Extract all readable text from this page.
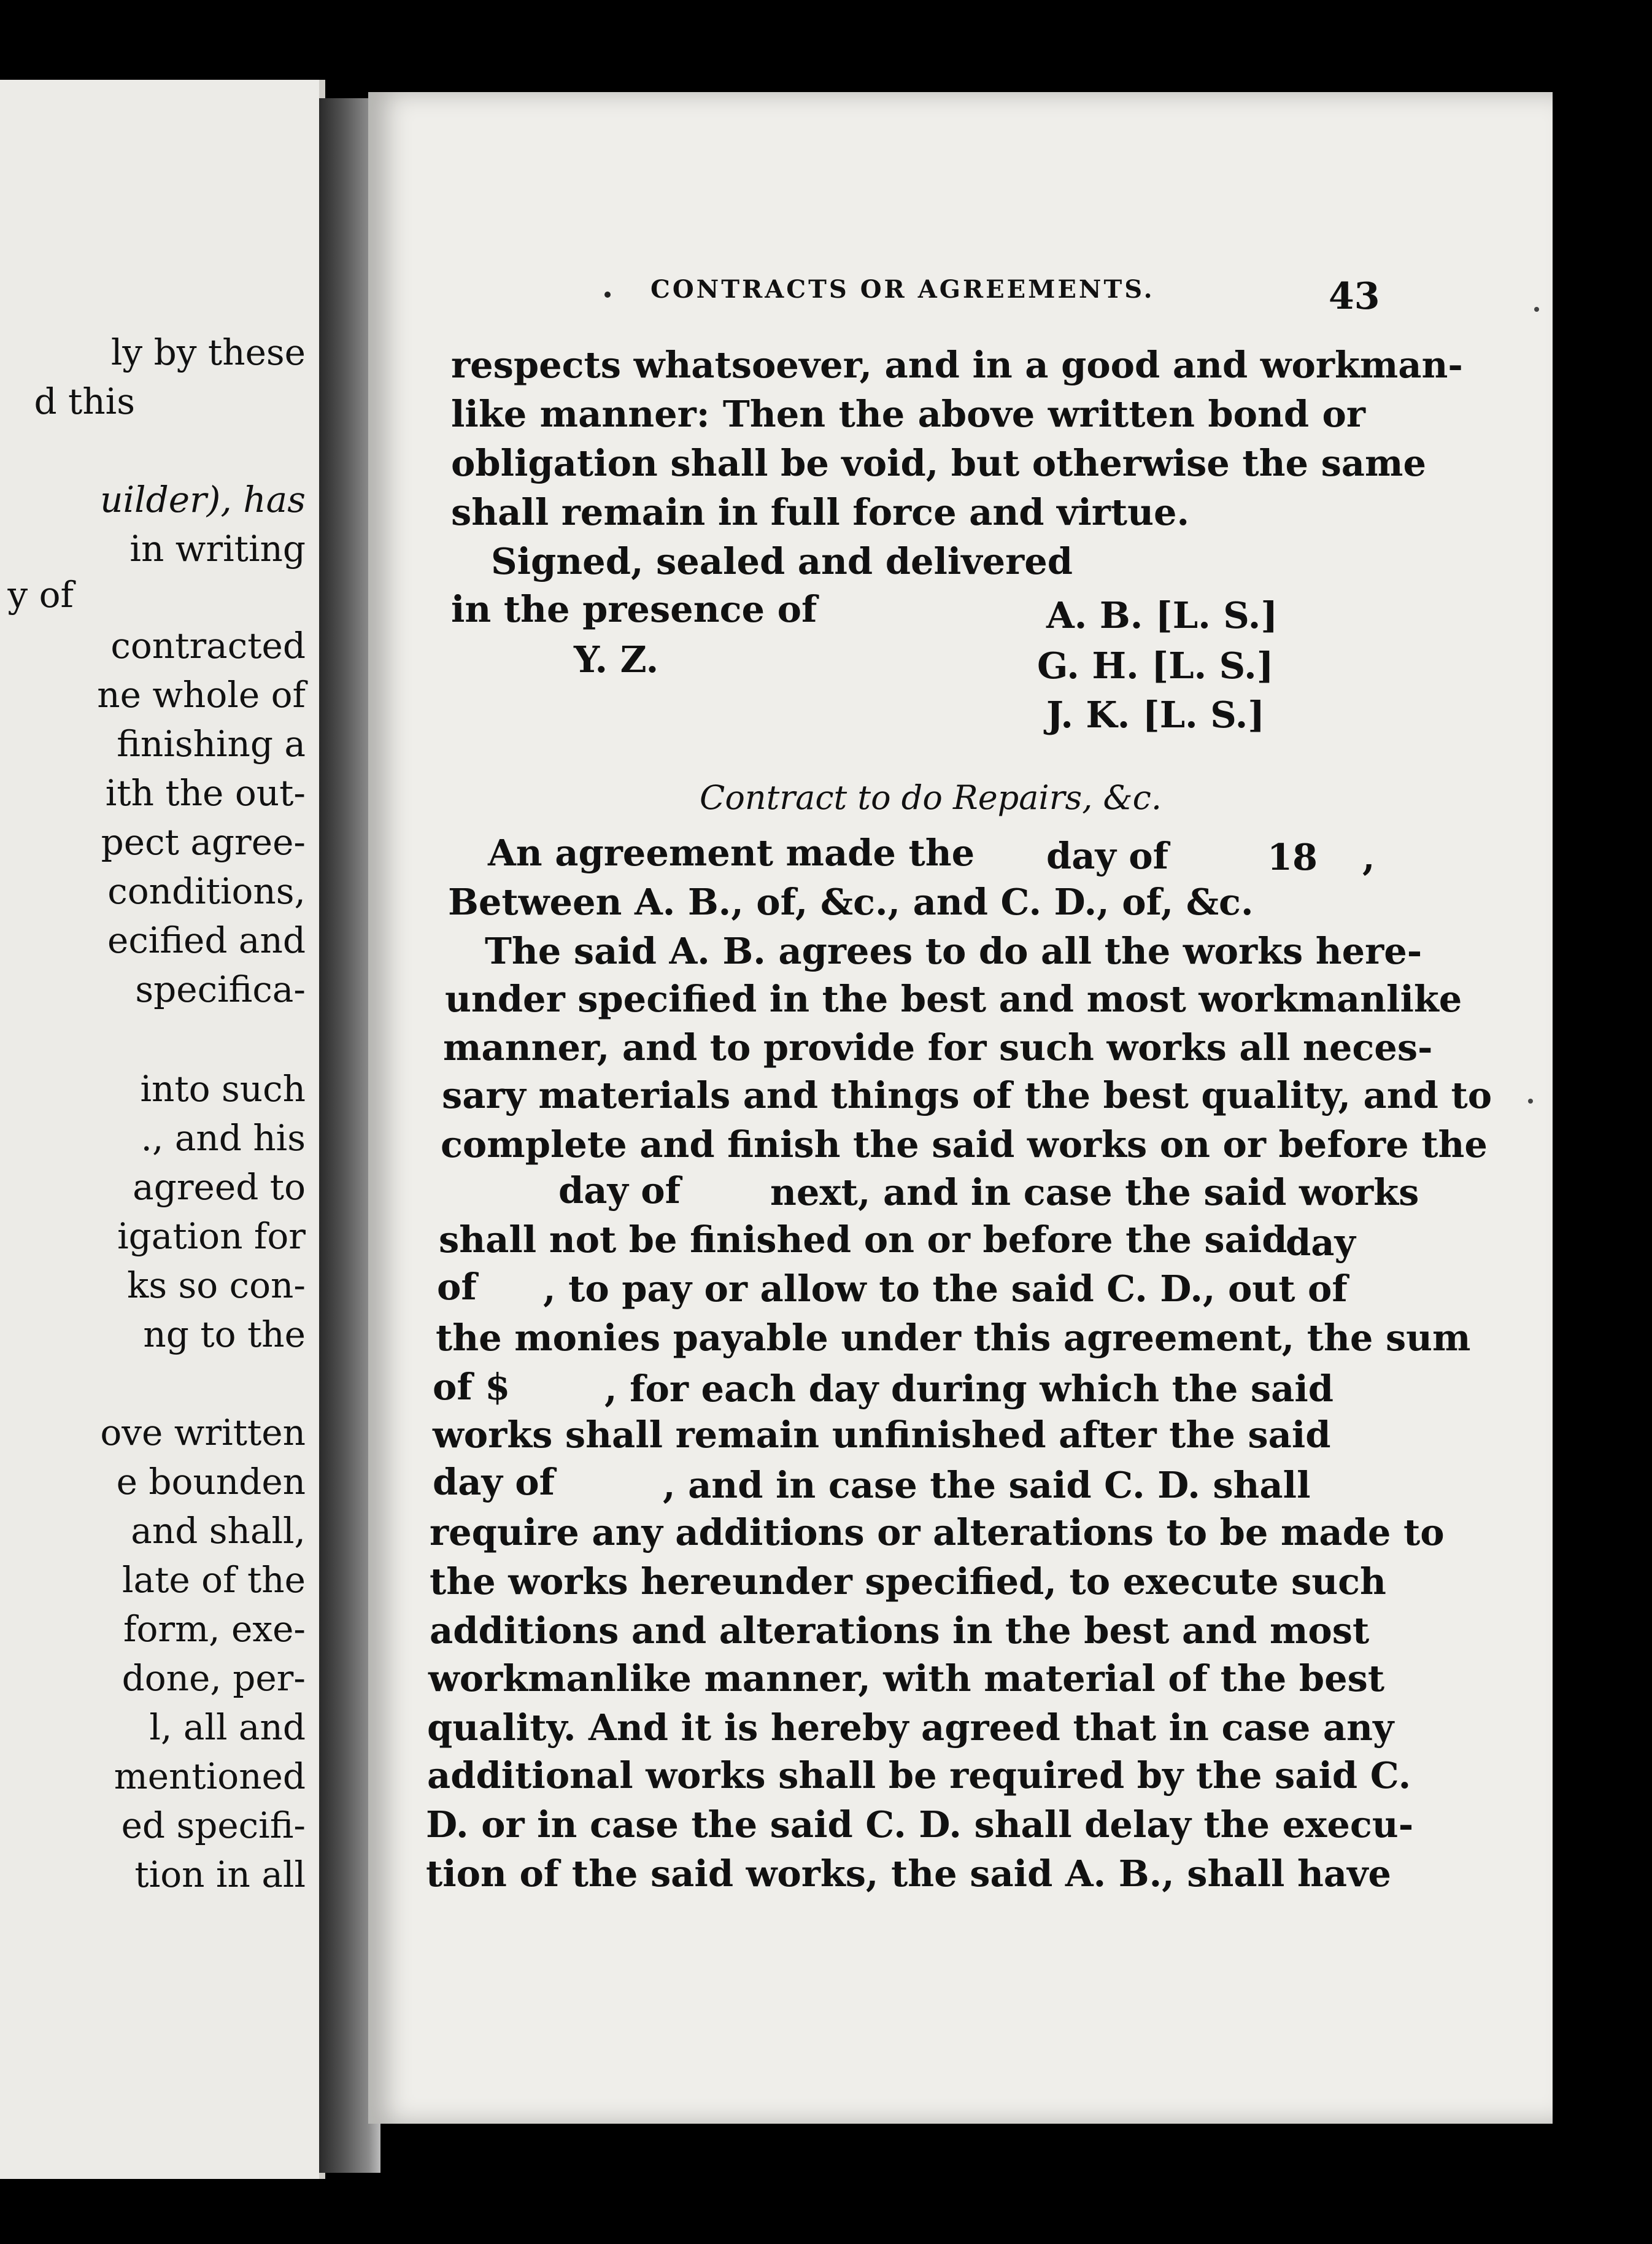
ly by these
d this
uilder), has
in writing
y of
contracted
ne whole of
finishing a
ith the out-
pect agree-
conditions,
ecified and
specifica-
into such
., and his
agreed to
igation for
ks so con-
ng to the
ove written
e bounden
and shall,
late of the
form, exe-
done, per-
l, all and
mentioned
ed specifi-
tion in all
CONTRACTS OR AGREEMENTS.	43
respects whatsoever, and in a good and workman-
like manner: Then the above written bond or
obligation shall be void, but otherwise the same
shall remain in full force and virtue.
Signed, sealed and delivered
in the presence of
Y. Z.
A. B. [L. S.]
G. H. [L. S.]
J. K. [L. S.]
Contract to do Repairs, &c.
An agreement made the day of	18 ,
Between A. B., of, &c., and C. D., of, &c.
The said A. B. agrees to do all the works here-
under specified in the best and most workmanlike
manner, and to provide for such works all neces-
sary materials and things of the best quality, and to
complete and finish the said works on or before the
day of next, and in case the said works
shall not be finished on or before the said
day
of , to pay or allow to the said C. D., out of
the monies payable under this agreement, the sum
of $	, for each day during which the said
works shall remain unfinished after the said
day of	, and in case the said C. D. shall
require any additions or alterations to be made to
the works hereunder specified, to execute such
additions and alterations in the best and most
workmanlike manner, with material of the best
quality. And it is hereby agreed that in case any
additional works shall be required by the said C.
D. or in case the said C. D. shall delay the execu-
tion of the said works, the said A. B., shall have
